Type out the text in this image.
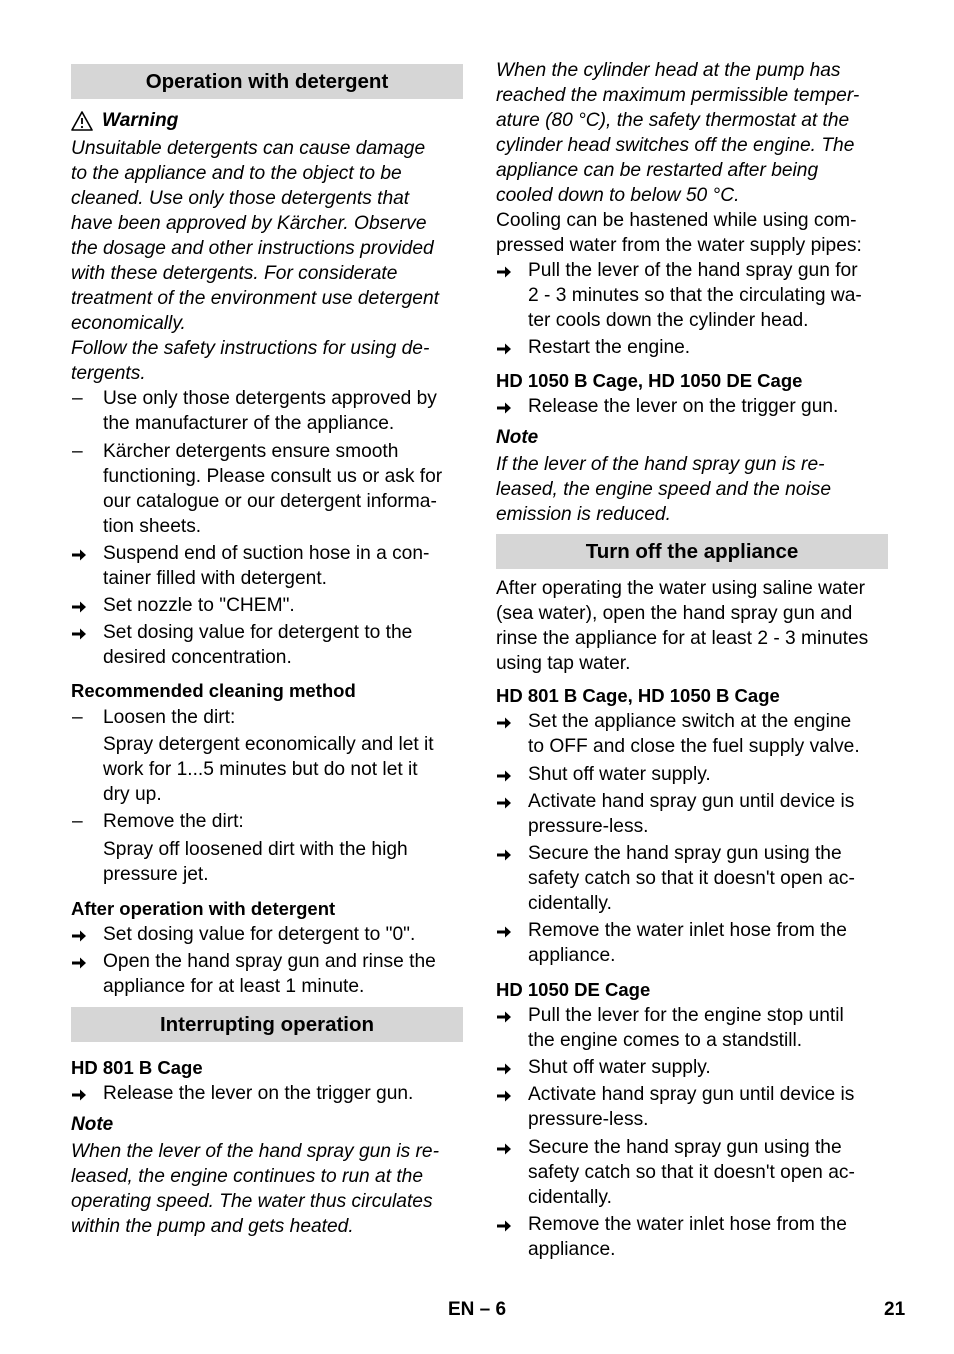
Operation with detergent
Warning

Unsuitable detergents can cause damage

to the appliance and to the object to be

cleaned. Use only those detergents that

have been approved by Kärcher. Observe

the dosage and other instructions provided

with these detergents. For considerate

treatment of the environment use detergent

economically.

Follow the safety instructions for using de-

tergents.

–	Use only those detergents approved by

the manufacturer of the appliance.

–	Kärcher detergents ensure smooth

functioning. Please consult us or ask for

our catalogue or our detergent informa-

tion sheets.

Suspend end of suction hose in a con-

tainer filled with detergent.

Set nozzle to "CHEM".

Set dosing value for detergent to the

desired concentration.

Recommended cleaning method

–	Loosen the dirt:

Spray detergent economically and let it

work for 1...5 minutes but do not let it

dry up.

–	Remove the dirt:

Spray off loosened dirt with the high

pressure jet.

After operation with detergent

Set dosing value for detergent to "0".

Open the hand spray gun and rinse the

appliance for at least 1 minute.

Interrupting operation

HD 801 B Cage

Release the lever on the trigger gun.

Note

When the lever of the hand spray gun is re-

leased, the engine continues to run at the

operating speed. The water thus circulates

within the pump and gets heated.

When the cylinder head at the pump has

reached the maximum permissible temper-

ature (80 °C), the safety thermostat at the

cylinder head switches off the engine. The

appliance can be restarted after being

cooled down to below 50 °C.

Cooling can be hastened while using com-

pressed water from the water supply pipes:

Pull the lever of the hand spray gun for

2 - 3 minutes so that the circulating wa-

ter cools down the cylinder head.

Restart the engine.

HD 1050 B Cage, HD 1050 DE Cage

Release the lever on the trigger gun.

Note

If the lever of the hand spray gun is re-

leased, the engine speed and the noise

emission is reduced.

Turn off the appliance

After operating the water using saline water

(sea water), open the hand spray gun and

rinse the appliance for at least 2 - 3 minutes

using tap water.

HD 801 B Cage, HD 1050 B Cage

Set the appliance switch at the engine

to OFF and close the fuel supply valve.

Shut off water supply.

Activate hand spray gun until device is

pressure-less.

Secure the hand spray gun using the

safety catch so that it doesn't open ac-

cidentally.

Remove the water inlet hose from the

appliance.

HD 1050 DE Cage

Pull the lever for the engine stop until

the engine comes to a standstill.

Shut off water supply.

Activate hand spray gun until device is

pressure-less.

Secure the hand spray gun using the

safety catch so that it doesn't open ac-

cidentally.

Remove the water inlet hose from the

appliance.

EN – 6	21
